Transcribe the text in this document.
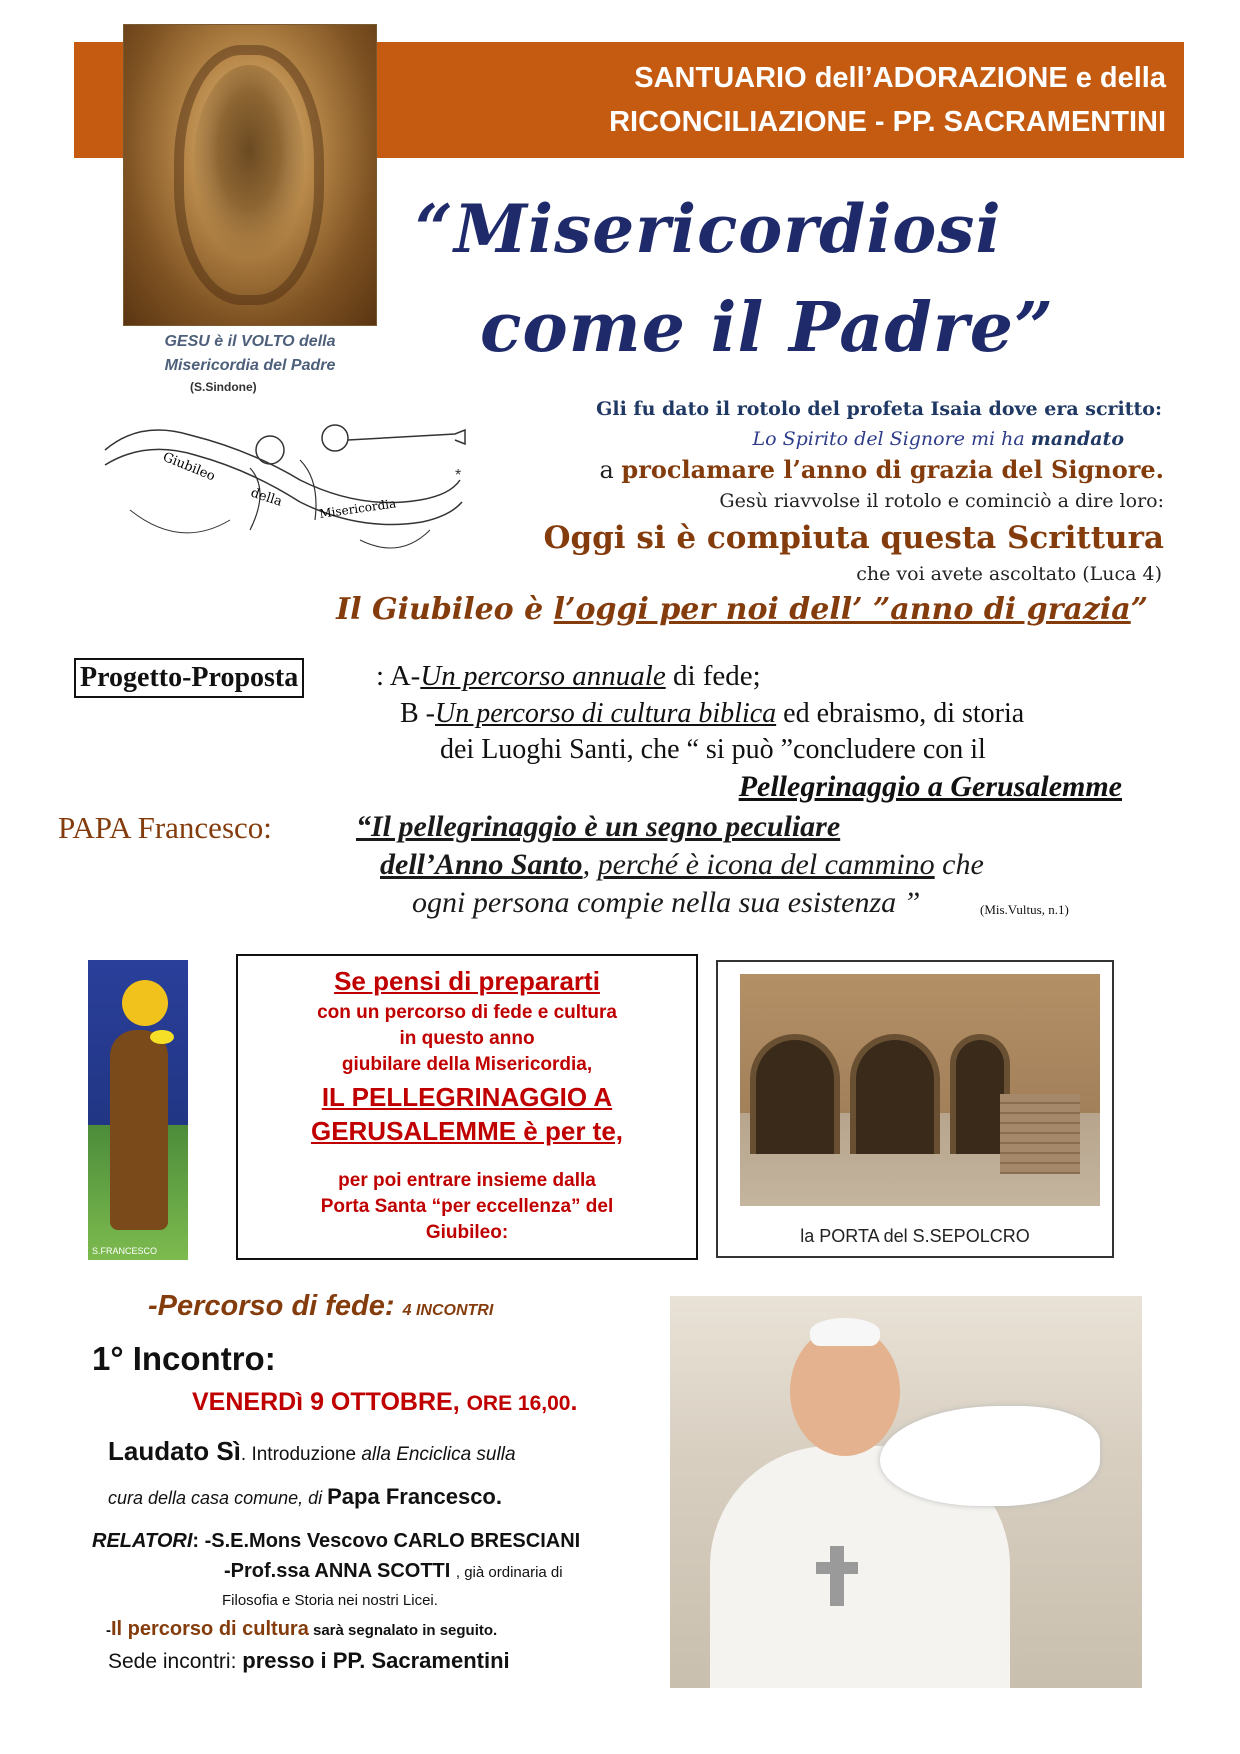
SANTUARIO dell’ADORAZIONE e della
RICONCILIAZIONE - PP. SACRAMENTINI
GESU è il VOLTO della
Misericordia del Padre
(S.Sindone)
“Misericordiosi
come il Padre”
Giubileo
della	Misericordia
*
Gli fu dato il rotolo del profeta Isaia dove era scritto:
Lo Spirito del Signore mi ha mandato
a proclamare l’anno di grazia del Signore.
Gesù riavvolse il rotolo e cominciò a dire loro:
Oggi si è compiuta questa Scrittura
che voi avete ascoltato (Luca 4)
Il Giubileo è l’oggi per noi dell’ ”anno di grazia”
Progetto-Proposta	: A-Un percorso annuale di fede;
B -Un percorso di cultura biblica ed ebraismo, di storia
dei Luoghi Santi, che “ si può ”concludere con il
Pellegrinaggio a Gerusalemme
PAPA Francesco:	“Il pellegrinaggio è un segno peculiare
dell’Anno Santo, perché è icona del cammino che
ogni persona compie nella sua esistenza ”	(Mis.Vultus, n.1)
S.FRANCESCO
Se pensi di prepararti
con un percorso di fede e cultura
in questo anno
giubilare della Misericordia,
IL PELLEGRINAGGIO A
GERUSALEMME è per te,
per poi entrare insieme dalla
Porta Santa “per eccellenza” del
Giubileo:	la PORTA del S.SEPOLCRO
-Percorso di fede: 4 INCONTRI
1° Incontro:
VENERDì 9 OTTOBRE, ORE 16,00.
Laudato Sì. Introduzione alla Enciclica sulla
cura della casa comune, di Papa Francesco.
RELATORI: -S.E.Mons Vescovo CARLO BRESCIANI
-Prof.ssa ANNA SCOTTI , già ordinaria di
Filosofia e Storia nei nostri Licei.
-Il percorso di cultura sarà segnalato in seguito.
Sede incontri: presso i PP. Sacramentini
